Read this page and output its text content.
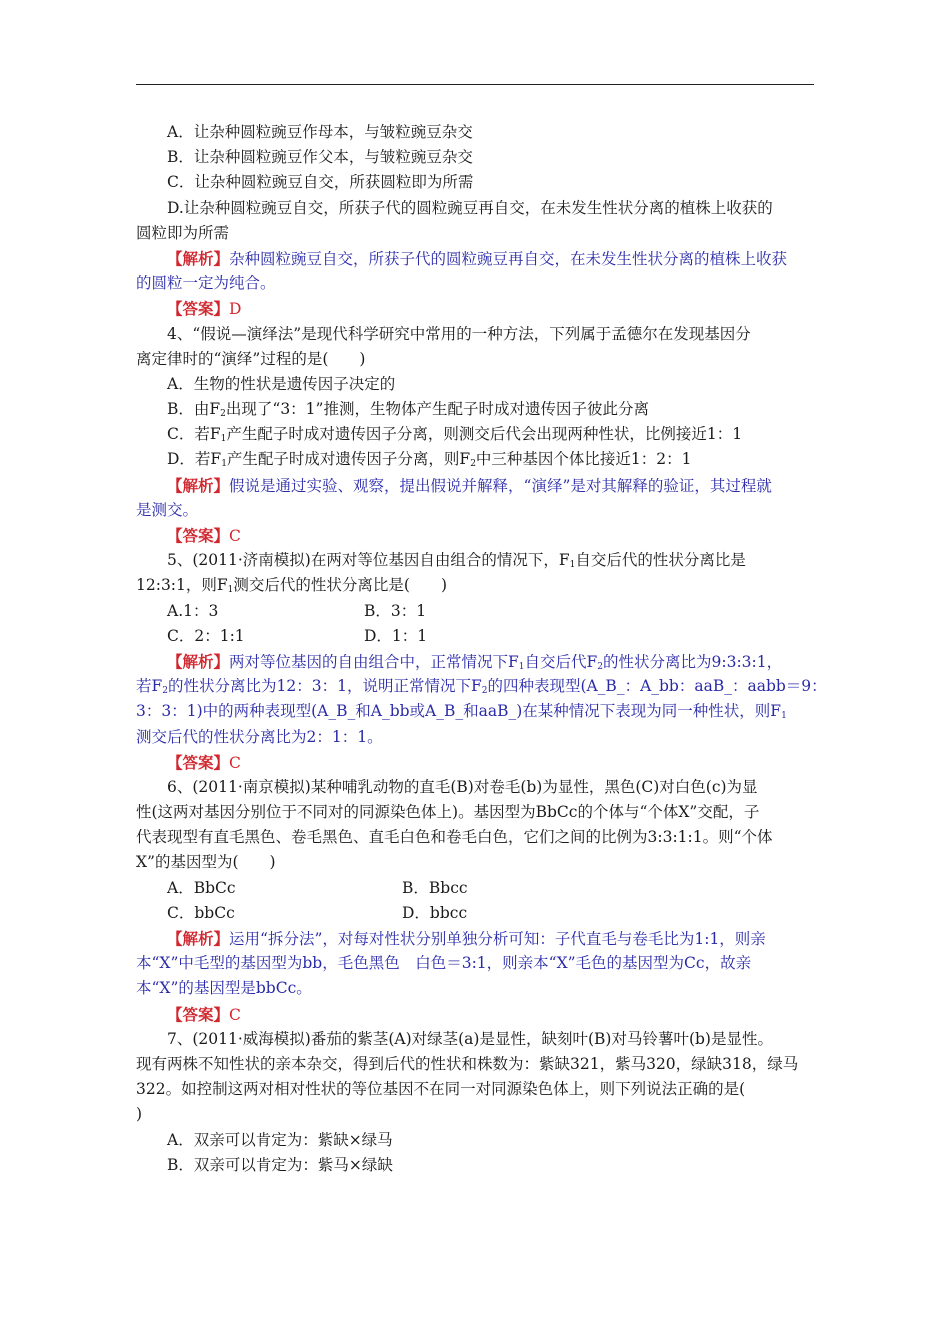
A．让杂种圆粒豌豆作母本，与皱粒豌豆杂交
B．让杂种圆粒豌豆作父本，与皱粒豌豆杂交
C．让杂种圆粒豌豆自交，所获圆粒即为所需
D.让杂种圆粒豌豆自交，所获子代的圆粒豌豆再自交，在未发生性状分离的植株上收获的
圆粒即为所需
【解析】杂种圆粒豌豆自交，所获子代的圆粒豌豆再自交，在未发生性状分离的植株上收获
的圆粒一定为纯合。
【答案】D
4、“假说—演绎法”是现代科学研究中常用的一种方法，下列属于孟德尔在发现基因分
离定律时的“演绎”过程的是(　　)
A．生物的性状是遗传因子决定的
B．由$F_2$出现了“3：1”推测，生物体产生配子时成对遗传因子彼此分离
C．若$F_1$产生配子时成对遗传因子分离，则测交后代会出现两种性状，比例接近1：1
D．若$F_1$产生配子时成对遗传因子分离，则$F_2$中三种基因个体比接近1：2：1
【解析】假说是通过实验、观察，提出假说并解释，“演绎”是对其解释的验证，其过程就
是测交。
【答案】C
5、(2011·济南模拟)在两对等位基因自由组合的情况下，$F_1$自交后代的性状分离比是
12:3:1，则$F_1$测交后代的性状分离比是(　　)
A.1：3	B．3：1
C．2：1:1	D．1：1
【解析】两对等位基因的自由组合中，正常情况下$F_1$自交后代$F_2$的性状分离比为9:3:3:1，
若$F_2$的性状分离比为12：3：1，说明正常情况下$F_2$的四种表现型(A_B_：A_bb：aaB_：aabb＝9：
3：3：1)中的两种表现型(A_B_和A_bb或A_B_和aaB_)在某种情况下表现为同一种性状，则$F_1$
测交后代的性状分离比为2：1：1。
【答案】C
6、(2011·南京模拟)某种哺乳动物的直毛(B)对卷毛(b)为显性，黑色(C)对白色(c)为显
性(这两对基因分别位于不同对的同源染色体上)。基因型为BbCc的个体与“个体X”交配，子
代表现型有直毛黑色、卷毛黑色、直毛白色和卷毛白色，它们之间的比例为3:3:1:1。则“个体
X”的基因型为(　　)
A．BbCc	B．Bbcc
C．bbCc	D．bbcc
【解析】运用“拆分法”，对每对性状分别单独分析可知：子代直毛与卷毛比为1:1，则亲
本“X”中毛型的基因型为bb，毛色黑色　白色＝3:1，则亲本“X”毛色的基因型为Cc，故亲
本“X”的基因型是bbCc。
【答案】C
7、(2011·威海模拟)番茄的紫茎(A)对绿茎(a)是显性，缺刻叶(B)对马铃薯叶(b)是显性。
现有两株不知性状的亲本杂交，得到后代的性状和株数为：紫缺321，紫马320，绿缺318，绿马
322。如控制这两对相对性状的等位基因不在同一对同源染色体上，则下列说法正确的是(
)
A．双亲可以肯定为：紫缺×绿马
B．双亲可以肯定为：紫马×绿缺
